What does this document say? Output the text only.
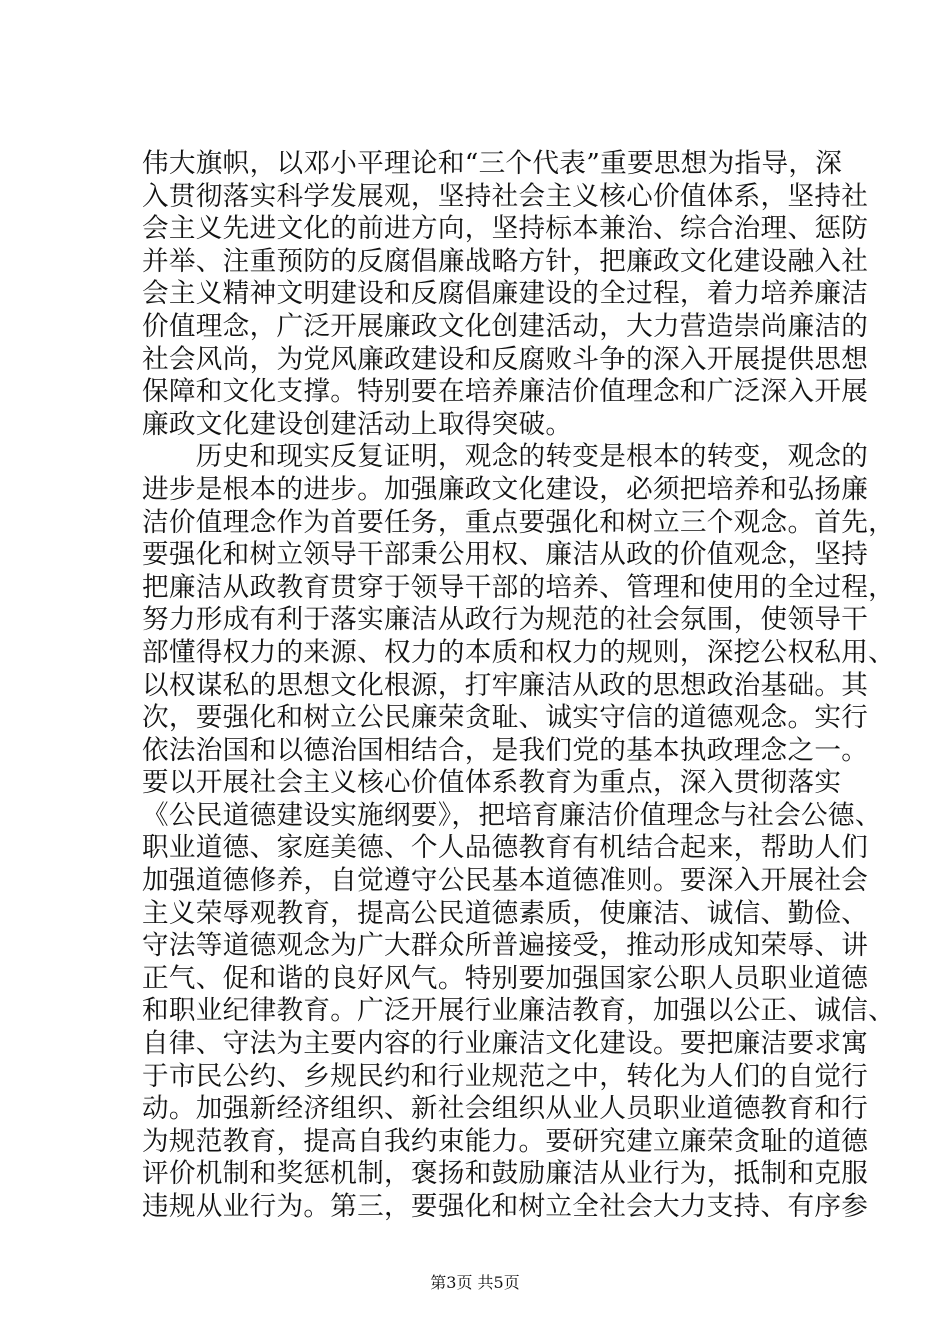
伟大旗帜，以邓小平理论和“三个代表”重要思想为指导，深
入贯彻落实科学发展观，坚持社会主义核心价值体系，坚持社
会主义先进文化的前进方向，坚持标本兼治、综合治理、惩防
并举、注重预防的反腐倡廉战略方针，把廉政文化建设融入社
会主义精神文明建设和反腐倡廉建设的全过程，着力培养廉洁
价值理念，广泛开展廉政文化创建活动，大力营造崇尚廉洁的
社会风尚，为党风廉政建设和反腐败斗争的深入开展提供思想
保障和文化支撑。特别要在培养廉洁价值理念和广泛深入开展
廉政文化建设创建活动上取得突破。
　　历史和现实反复证明，观念的转变是根本的转变，观念的
进步是根本的进步。加强廉政文化建设，必须把培养和弘扬廉
洁价值理念作为首要任务，重点要强化和树立三个观念。首先，
要强化和树立领导干部秉公用权、廉洁从政的价值观念，坚持
把廉洁从政教育贯穿于领导干部的培养、管理和使用的全过程，
努力形成有利于落实廉洁从政行为规范的社会氛围，使领导干
部懂得权力的来源、权力的本质和权力的规则，深挖公权私用、
以权谋私的思想文化根源，打牢廉洁从政的思想政治基础。其
次，要强化和树立公民廉荣贪耻、诚实守信的道德观念。实行
依法治国和以德治国相结合，是我们党的基本执政理念之一。
要以开展社会主义核心价值体系教育为重点，深入贯彻落实
《公民道德建设实施纲要》，把培育廉洁价值理念与社会公德、
职业道德、家庭美德、个人品德教育有机结合起来，帮助人们
加强道德修养，自觉遵守公民基本道德准则。要深入开展社会
主义荣辱观教育，提高公民道德素质，使廉洁、诚信、勤俭、
守法等道德观念为广大群众所普遍接受，推动形成知荣辱、讲
正气、促和谐的良好风气。特别要加强国家公职人员职业道德
和职业纪律教育。广泛开展行业廉洁教育，加强以公正、诚信、
自律、守法为主要内容的行业廉洁文化建设。要把廉洁要求寓
于市民公约、乡规民约和行业规范之中，转化为人们的自觉行
动。加强新经济组织、新社会组织从业人员职业道德教育和行
为规范教育，提高自我约束能力。要研究建立廉荣贪耻的道德
评价机制和奖惩机制，褒扬和鼓励廉洁从业行为，抵制和克服
违规从业行为。第三，要强化和树立全社会大力支持、有序参
第3页 共5页
